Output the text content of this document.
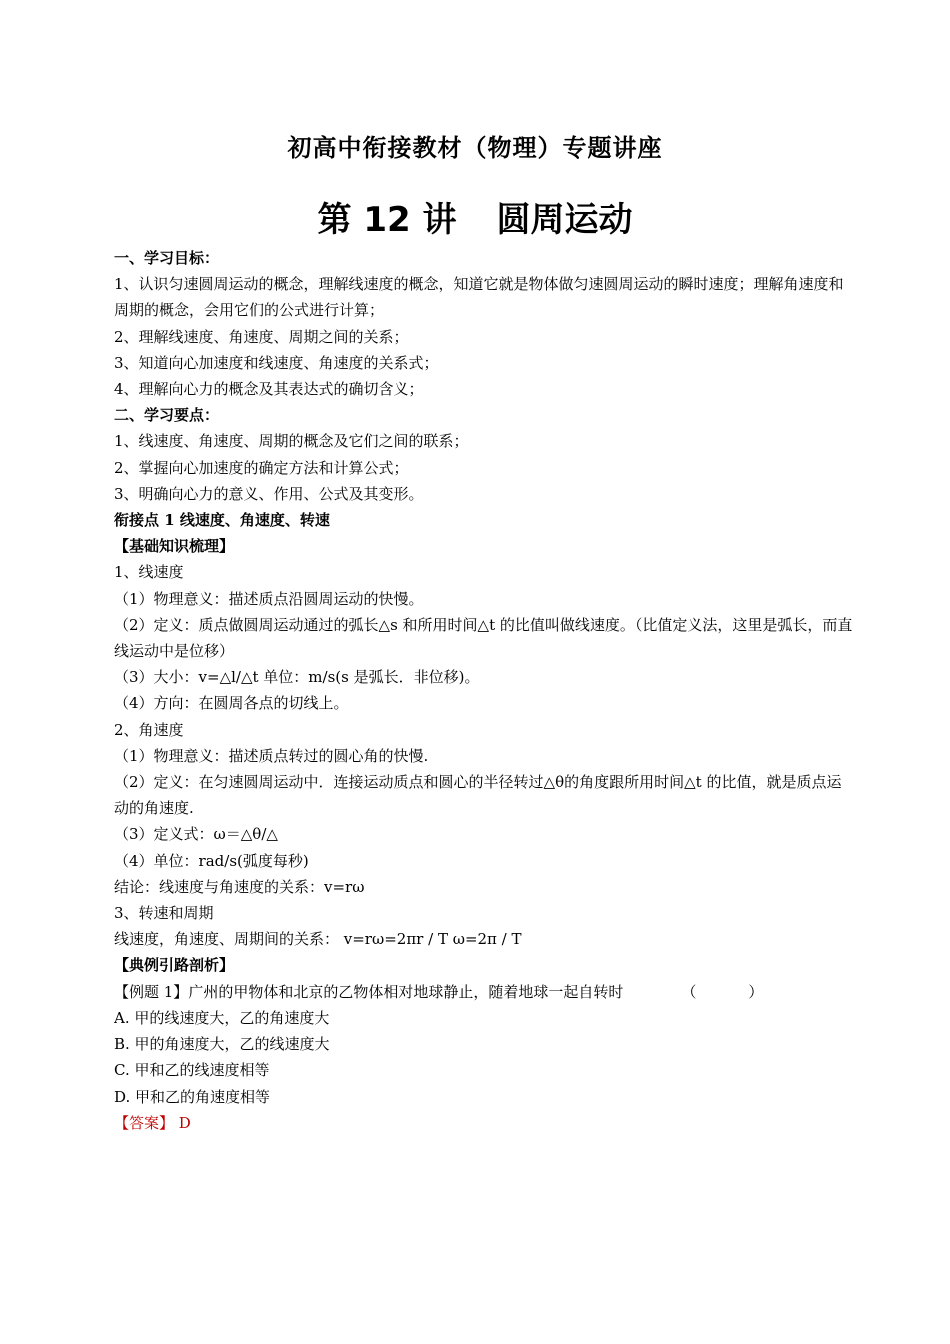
初高中衔接教材（物理）专题讲座
第 12 讲 圆周运动

一、学习目标：

1、认识匀速圆周运动的概念，理解线速度的概念，知道它就是物体做匀速圆周运动的瞬时速度；理解角速度和周期的概念，会用它们的公式进行计算；

2、理解线速度、角速度、周期之间的关系；

3、知道向心加速度和线速度、角速度的关系式；

4、理解向心力的概念及其表达式的确切含义；

二、学习要点：

1、线速度、角速度、周期的概念及它们之间的联系；

2、掌握向心加速度的确定方法和计算公式；

3、明确向心力的意义、作用、公式及其变形。

衔接点 1 线速度、角速度、转速

【基础知识梳理】

1、线速度

（1）物理意义：描述质点沿圆周运动的快慢。

（2）定义：质点做圆周运动通过的弧长△s 和所用时间△t 的比值叫做线速度。（比值定义法，这里是弧长，而直线运动中是位移）

（3）大小：v=△l/△t 单位：m/s(s 是弧长．非位移)。

（4）方向：在圆周各点的切线上。

2、角速度

（1）物理意义：描述质点转过的圆心角的快慢.

（2）定义：在匀速圆周运动中．连接运动质点和圆心的半径转过△θ的角度跟所用时间△t 的比值，就是质点运动的角速度.

（3）定义式：ω＝△θ/△

（4）单位：rad/s(弧度每秒)

结论：线速度与角速度的关系：v=rω

3、转速和周期

线速度，角速度、周期间的关系： v=rω=2πr / T ω=2π / T

【典例引路剖析】

【例题 1】广州的甲物体和北京的乙物体相对地球静止，随着地球一起自转时	（	）

A. 甲的线速度大，乙的角速度大

B. 甲的角速度大，乙的线速度大

C. 甲和乙的线速度相等

D. 甲和乙的角速度相等

【答案】 D
